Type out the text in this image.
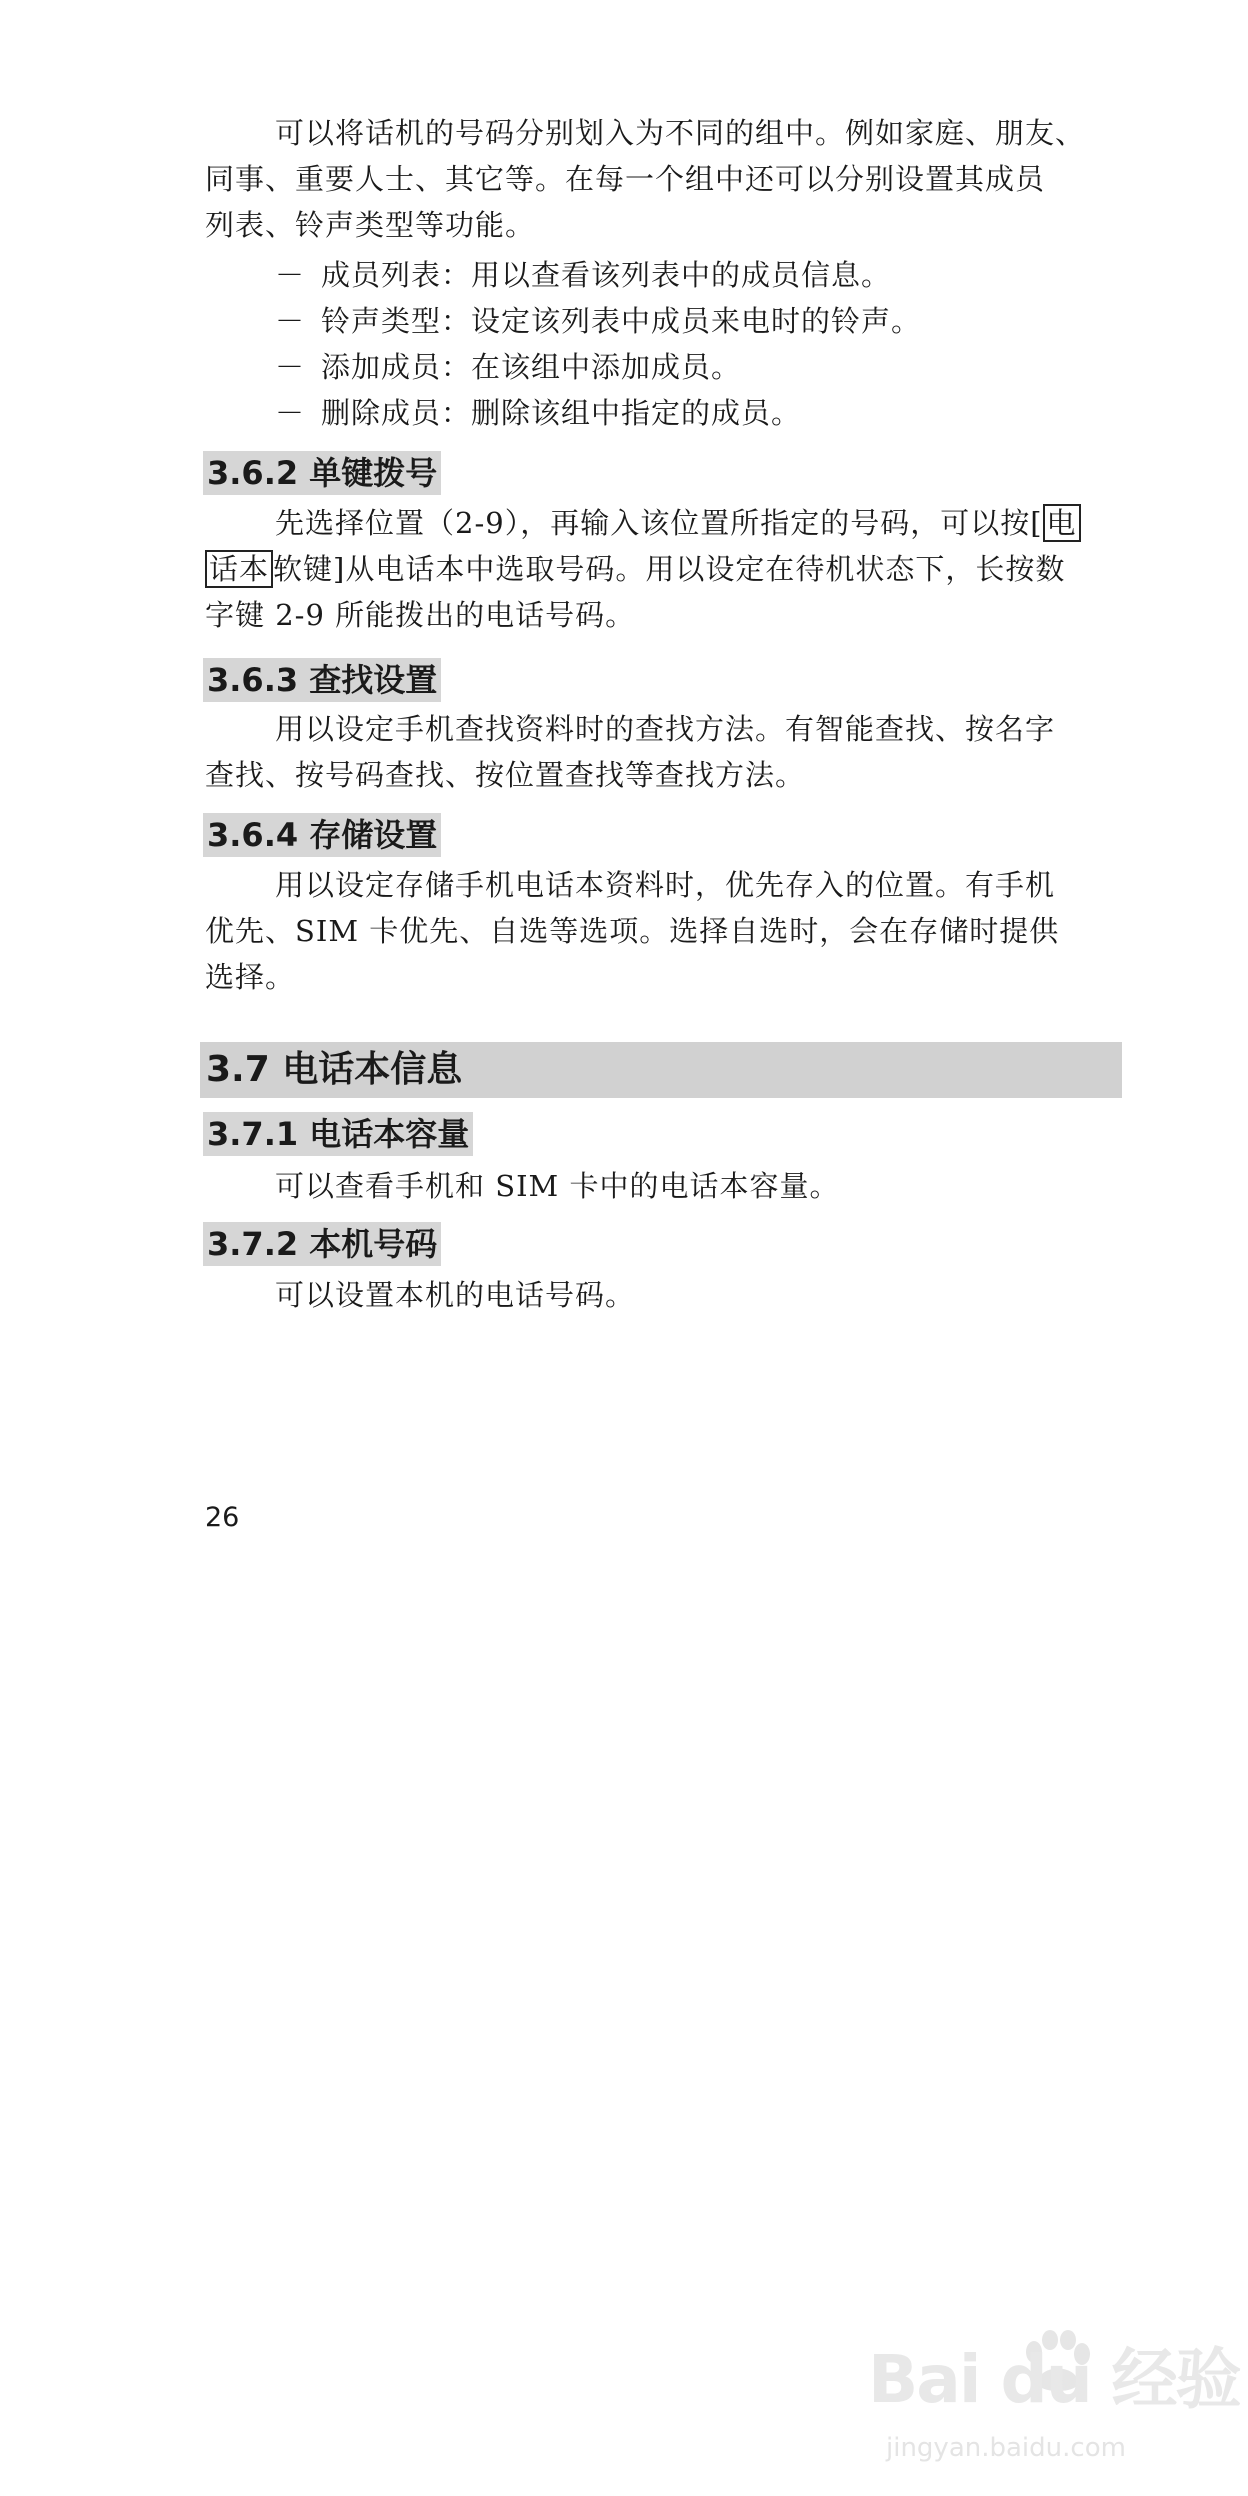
可以将话机的号码分别划入为不同的组中。例如家庭、朋友、
同事、重要人士、其它等。在每一个组中还可以分别设置其成员
列表、铃声类型等功能。
－ 成员列表：用以查看该列表中的成员信息。
－ 铃声类型：设定该列表中成员来电时的铃声。
－ 添加成员：在该组中添加成员。
－ 删除成员：删除该组中指定的成员。
3.6.2 单键拨号
先选择位置（2-9），再输入该位置所指定的号码，可以按[ 电
话本 软键]从电话本中选取号码。用以设定在待机状态下，长按数
字键 2-9 所能拨出的电话号码。
3.6.3 查找设置
用以设定手机查找资料时的查找方法。有智能查找、按名字
查找、按号码查找、按位置查找等查找方法。
3.6.4 存储设置
用以设定存储手机电话本资料时，优先存入的位置。有手机
优先、SIM 卡优先、自选等选项。选择自选时，会在存储时提供
选择。
3.7 电话本信息
3.7.1 电话本容量
可以查看手机和 SIM 卡中的电话本容量。
3.7.2 本机号码
可以设置本机的电话号码。
26
Bai du 经验
jingyan.baidu.com
